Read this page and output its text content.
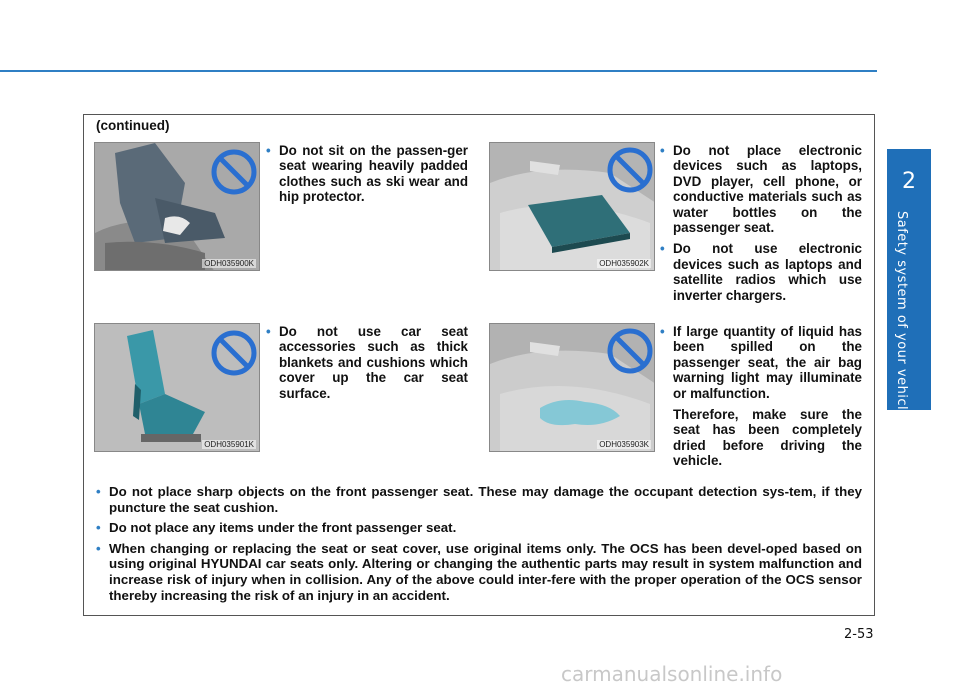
2
Safety system of your vehicle
(continued)
ODH035900K	ODH035902K
ODH035901K	ODH035903K

• Do not sit on the passen-ger seat wearing heavily padded clothes such as ski wear and hip protector.

• Do not place electronic devices such as laptops, DVD player, cell phone, or conductive materials such as water bottles on the passenger seat.

• Do not use electronic devices such as laptops and satellite radios which use inverter chargers.

• Do not use car seat accessories such as thick blankets and cushions which cover up the car seat surface.

• If large quantity of liquid has been spilled on the passenger seat, the air bag warning light may illuminate or malfunction.

Therefore, make sure the seat has been completely dried before driving the vehicle.

• Do not place sharp objects on the front passenger seat. These may damage the occupant detection sys-tem, if they puncture the seat cushion.

• Do not place any items under the front passenger seat.

• When changing or replacing the seat or seat cover, use original items only. The OCS has been devel-oped based on using original HYUNDAI car seats only. Altering or changing the authentic parts may result in system malfunction and increase risk of injury when in collision. Any of the above could inter-fere with the proper operation of the OCS sensor thereby increasing the risk of an injury in an accident.

2-53
carmanualsonline.info
